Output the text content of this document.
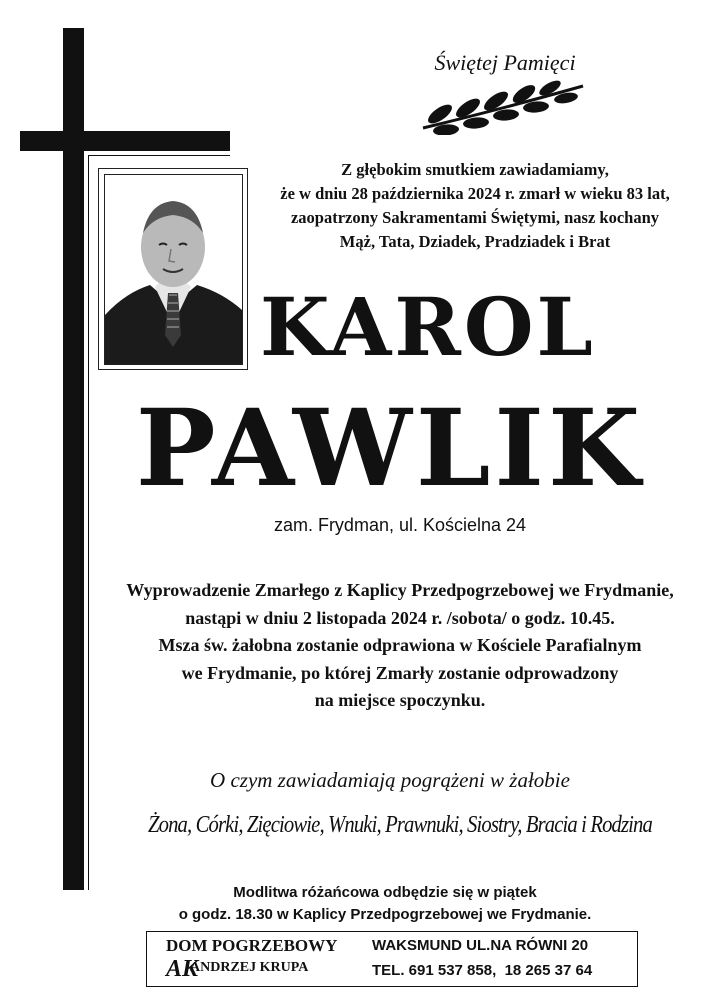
Świętej Pamięci
Z głębokim smutkiem zawiadamiamy,
że w dniu 28 października 2024 r. zmarł w wieku 83 lat,
zaopatrzony Sakramentami Świętymi, nasz kochany
Mąż, Tata, Dziadek, Pradziadek i Brat
KAROL
PAWLIK
zam. Frydman, ul. Kościelna 24
Wyprowadzenie Zmarłego z Kaplicy Przedpogrzebowej we Frydmanie,
nastąpi w dniu 2 listopada 2024 r. /sobota/ o godz. 10.45.
Msza św. żałobna zostanie odprawiona w Kościele Parafialnym
we Frydmanie, po której Zmarły zostanie odprowadzony
na miejsce spoczynku.
O czym zawiadamiają pogrążeni w żałobie
Żona, Córki, Zięciowie, Wnuki, Prawnuki, Siostry, Bracia i Rodzina
Modlitwa różańcowa odbędzie się w piątek
o godz. 18.30 w Kaplicy Przedpogrzebowej we Frydmanie.
DOM POGRZEBOWY
AK
ANDRZEJ KRUPA
WAKSMUND UL.NA RÓWNI 20
TEL. 691 537 858,  18 265 37 64
